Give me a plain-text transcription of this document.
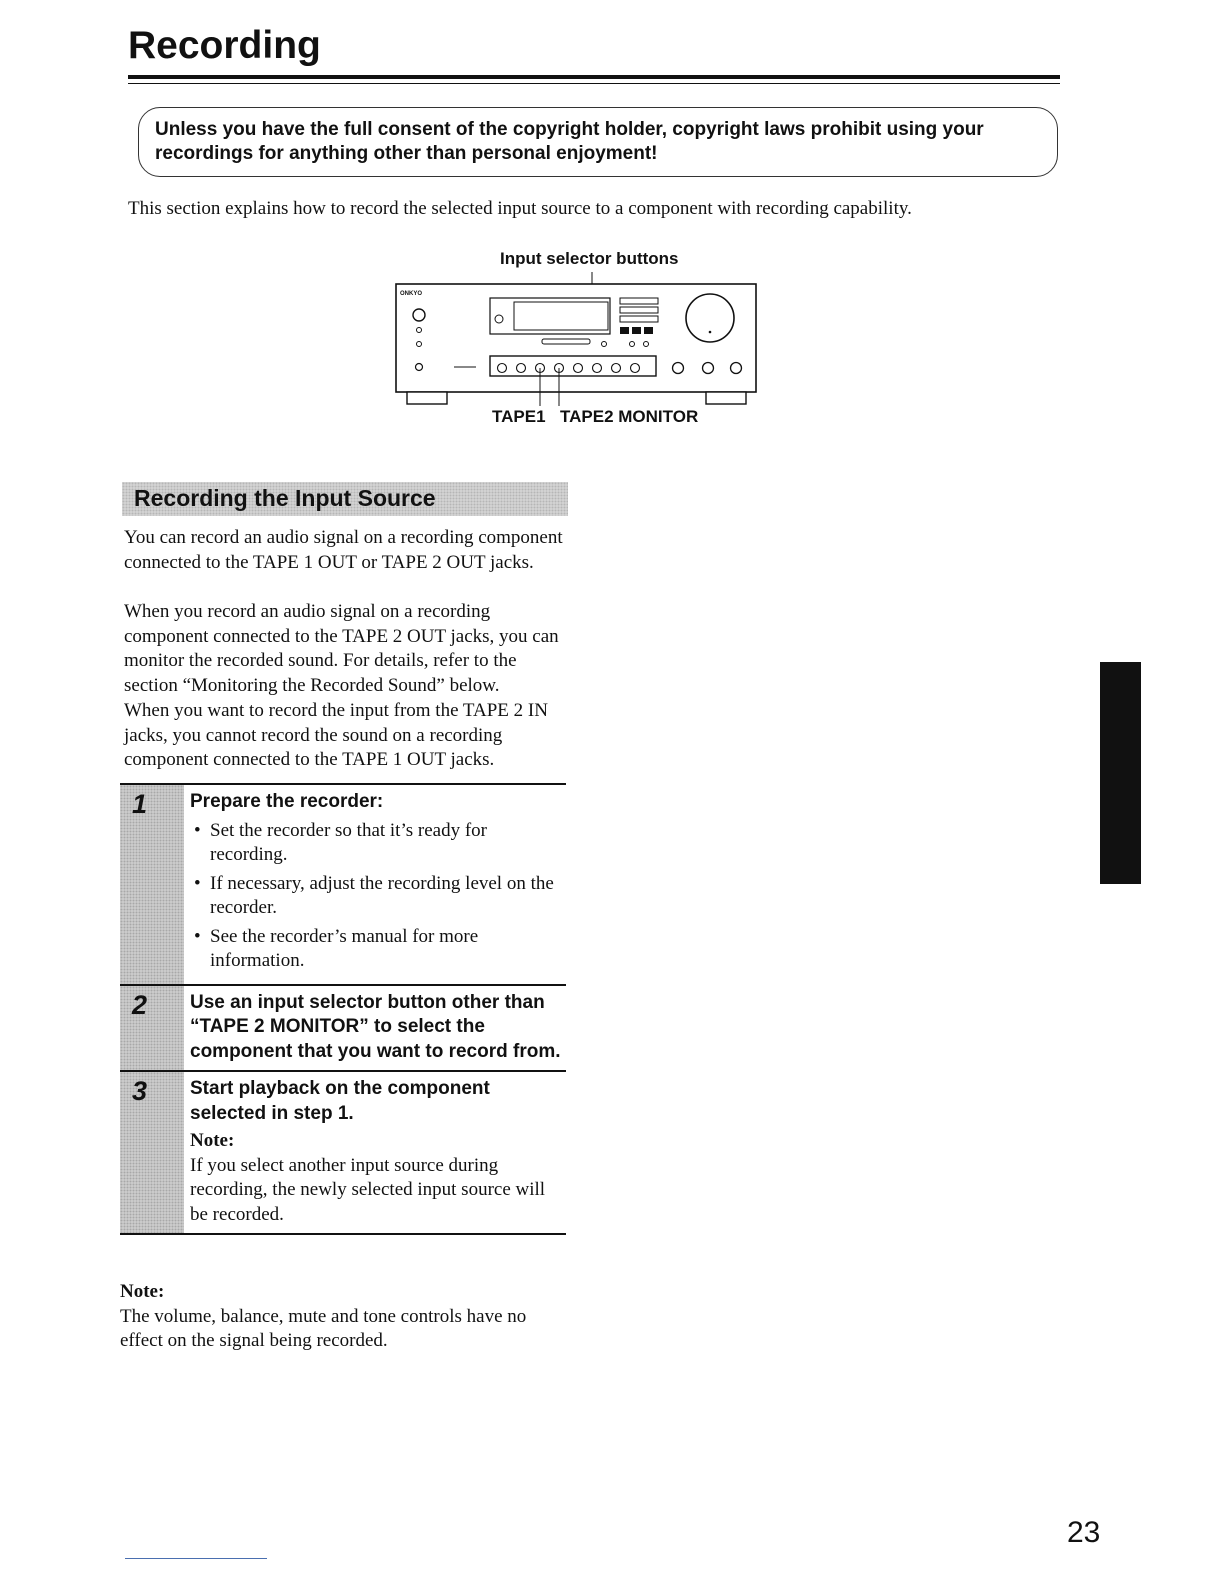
Recording
Unless you have the full consent of the copyright holder, copyright laws prohibit using your recordings for anything other than personal enjoyment!
This section explains how to record the selected input source to a component with recording capability.
Input selector buttons
ONKYO
TAPE1 TAPE2 MONITOR
Recording the Input Source

You can record an audio signal on a recording component connected to the TAPE 1 OUT or TAPE 2 OUT jacks.

When you record an audio signal on a recording component connected to the TAPE 2 OUT jacks, you can monitor the recorded sound. For details, refer to the section “Monitoring the Recorded Sound” below.

When you want to record the input from the TAPE 2 IN jacks, you cannot record the sound on a recording component connected to the TAPE 1 OUT jacks.

1 Prepare the recorder:
• Set the recorder so that it’s ready for recording.
• If necessary, adjust the recording level on the recorder.
• See the recorder’s manual for more information.
2 Use an input selector button other than “TAPE 2 MONITOR” to select the component that you want to record from.
3 Start playback on the component selected in step 1.
Note:
If you select another input source during recording, the newly selected input source will be recorded.
Note:
The volume, balance, mute and tone controls have no effect on the signal being recorded.
23
